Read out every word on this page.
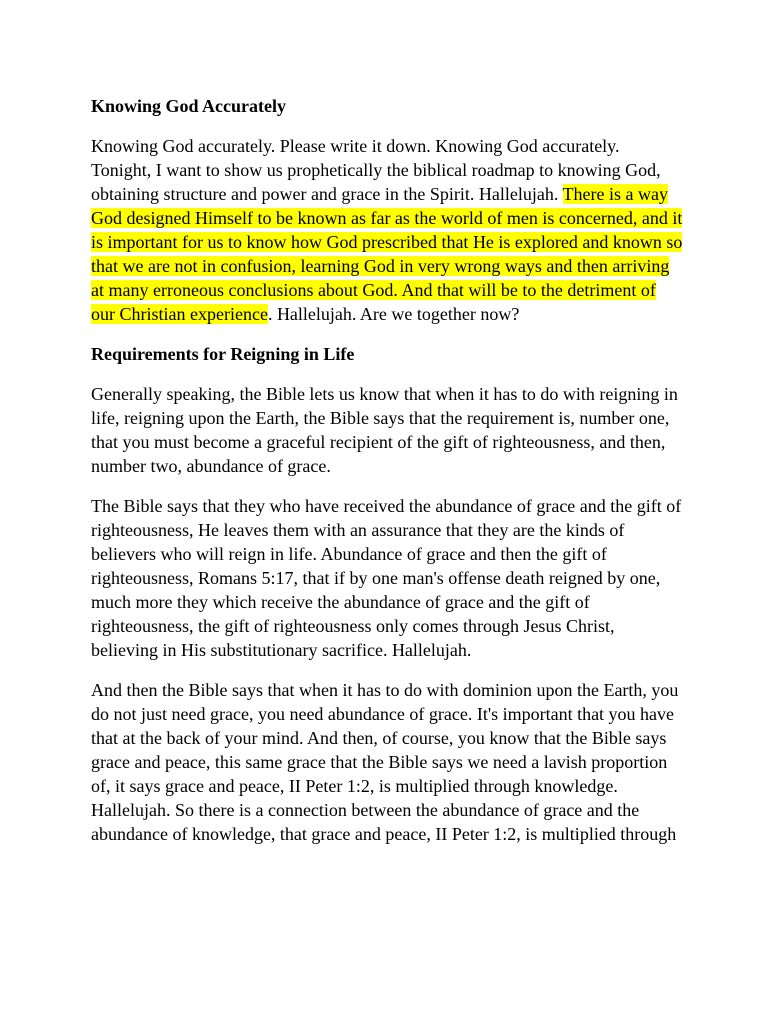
Knowing God Accurately

Knowing God accurately. Please write it down. Knowing God accurately. Tonight, I want to show us prophetically the biblical roadmap to knowing God, obtaining structure and power and grace in the Spirit. Hallelujah. There is a way God designed Himself to be known as far as the world of men is concerned, and it is important for us to know how God prescribed that He is explored and known so that we are not in confusion, learning God in very wrong ways and then arriving at many erroneous conclusions about God. And that will be to the detriment of our Christian experience. Hallelujah. Are we together now?

Requirements for Reigning in Life

Generally speaking, the Bible lets us know that when it has to do with reigning in life, reigning upon the Earth, the Bible says that the requirement is, number one, that you must become a graceful recipient of the gift of righteousness, and then, number two, abundance of grace.

The Bible says that they who have received the abundance of grace and the gift of righteousness, He leaves them with an assurance that they are the kinds of believers who will reign in life. Abundance of grace and then the gift of righteousness, Romans 5:17, that if by one man's offense death reigned by one, much more they which receive the abundance of grace and the gift of righteousness, the gift of righteousness only comes through Jesus Christ, believing in His substitutionary sacrifice. Hallelujah.

And then the Bible says that when it has to do with dominion upon the Earth, you do not just need grace, you need abundance of grace. It's important that you have that at the back of your mind. And then, of course, you know that the Bible says grace and peace, this same grace that the Bible says we need a lavish proportion of, it says grace and peace, II Peter 1:2, is multiplied through knowledge. Hallelujah. So there is a connection between the abundance of grace and the abundance of knowledge, that grace and peace, II Peter 1:2, is multiplied through
